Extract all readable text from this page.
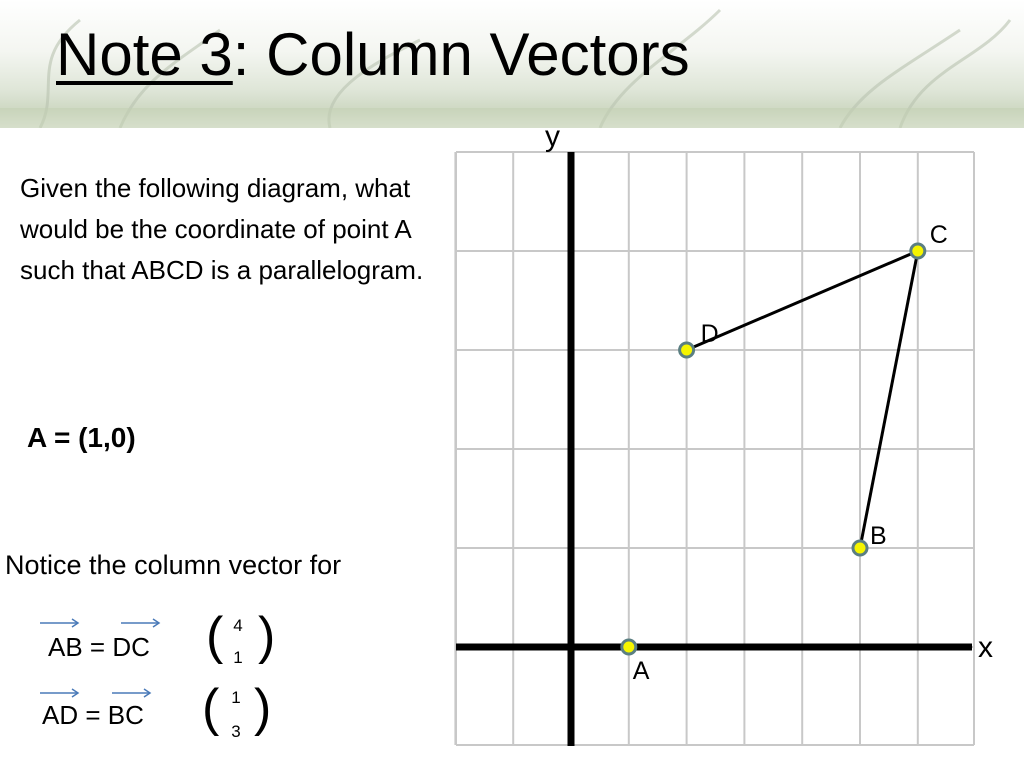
Note 3: Column Vectors

Given the following diagram, what would be the coordinate of point A such that ABCD is a parallelogram.

A = (1,0)
Notice the column vector for
AB = DC ( 4
1 )
AD = BC ( 1
3 )
A
B
C
D
x
y
